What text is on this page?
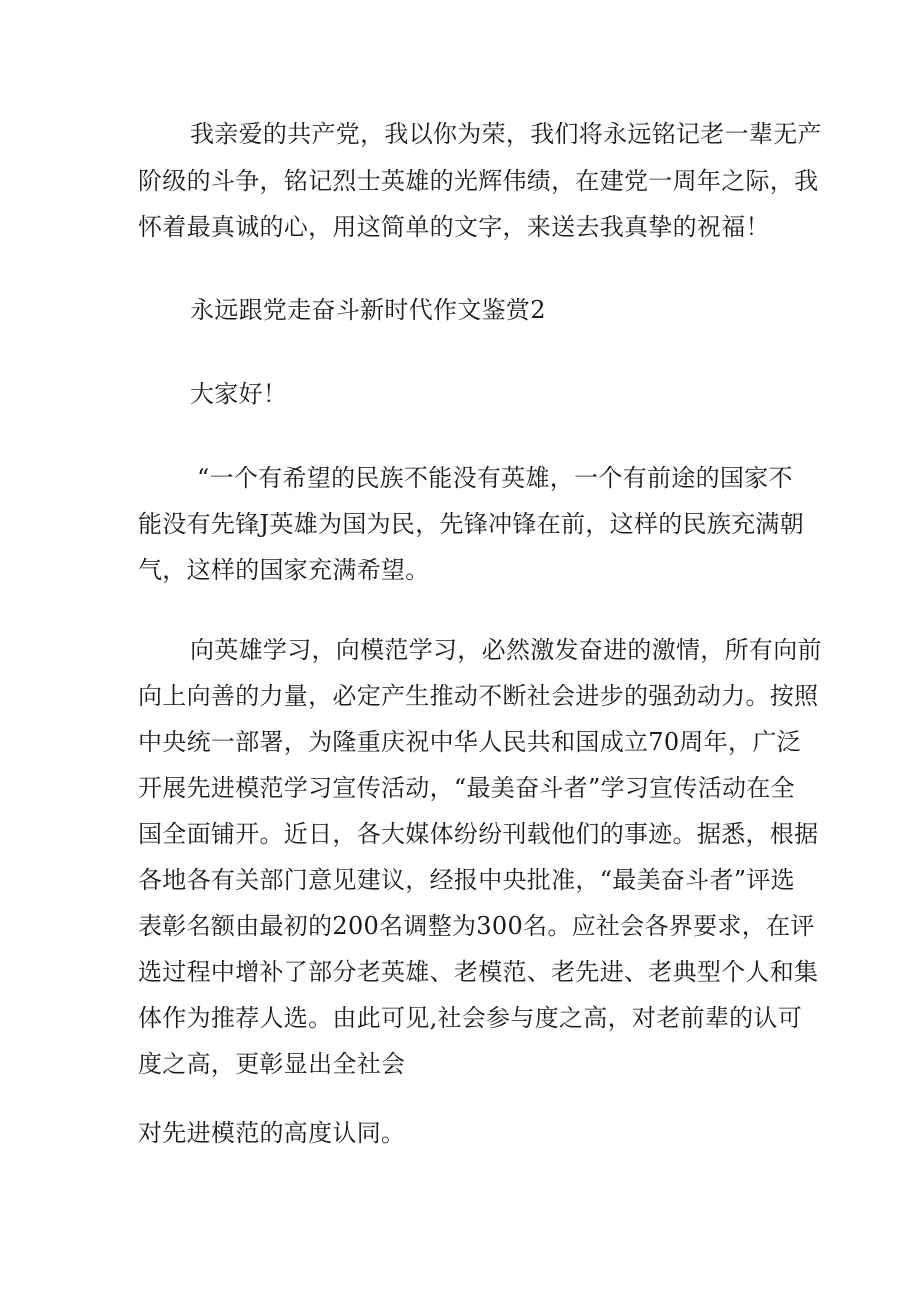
我亲爱的共产党，我以你为荣，我们将永远铭记老一辈无产
阶级的斗争，铭记烈士英雄的光辉伟绩，在建党一周年之际，我
怀着最真诚的心，用这简单的文字，来送去我真挚的祝福！
永远跟党走奋斗新时代作文鉴赏2
大家好！
“一个有希望的民族不能没有英雄，一个有前途的国家不
能没有先锋J英雄为国为民，先锋冲锋在前，这样的民族充满朝
气，这样的国家充满希望。
向英雄学习，向模范学习，必然激发奋进的激情，所有向前
向上向善的力量，必定产生推动不断社会进步的强劲动力。按照
中央统一部署，为隆重庆祝中华人民共和国成立70周年，广泛
开展先进模范学习宣传活动，“最美奋斗者”学习宣传活动在全
国全面铺开。近日，各大媒体纷纷刊载他们的事迹。据悉，根据
各地各有关部门意见建议，经报中央批准，“最美奋斗者”评选
表彰名额由最初的200名调整为300名。应社会各界要求，在评
选过程中增补了部分老英雄、老模范、老先进、老典型个人和集
体作为推荐人选。由此可见,社会参与度之高，对老前辈的认可
度之高，更彰显出全社会
对先进模范的高度认同。
